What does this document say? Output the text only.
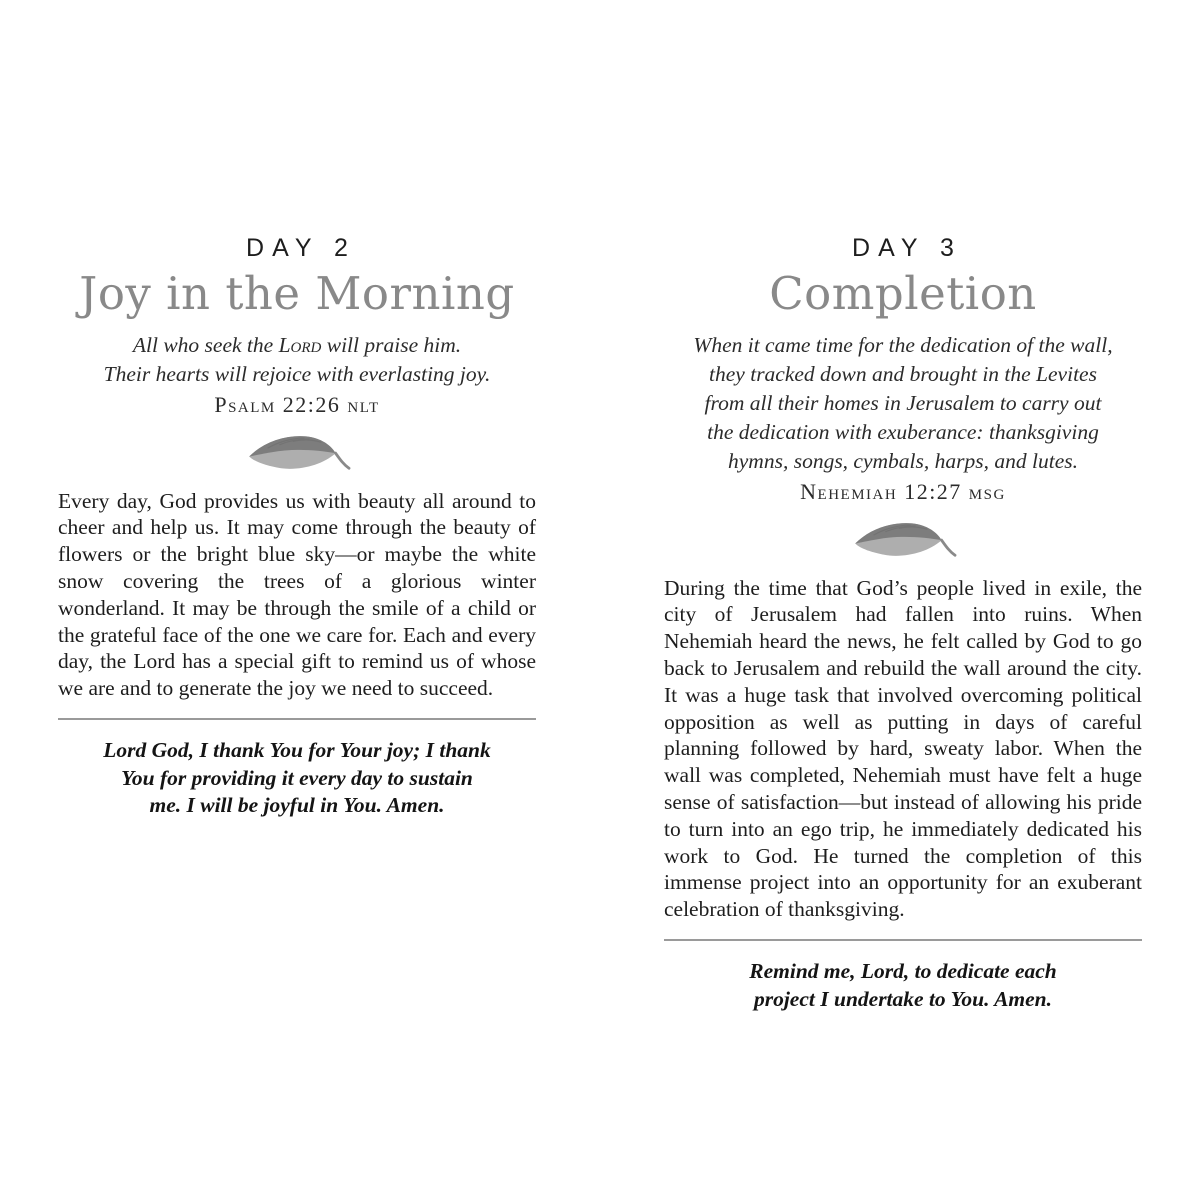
DAY 2
Joy in the Morning
All who seek the Lord will praise him.
Their hearts will rejoice with everlasting joy.
Psalm 22:26 nlt
Every day, God provides us with beauty all around to cheer and help us. It may come through the beauty of flowers or the bright blue sky—or maybe the white snow covering the trees of a glorious winter wonderland. It may be through the smile of a child or the grateful face of the one we care for. Each and every day, the Lord has a special gift to remind us of whose we are and to generate the joy we need to succeed.
Lord God, I thank You for Your joy; I thank
You for providing it every day to sustain
me. I will be joyful in You. Amen.
DAY 3
Completion
When it came time for the dedication of the wall,
they tracked down and brought in the Levites
from all their homes in Jerusalem to carry out
the dedication with exuberance: thanksgiving
hymns, songs, cymbals, harps, and lutes.
Nehemiah 12:27 msg
During the time that God’s people lived in exile, the city of Jerusalem had fallen into ruins. When Nehemiah heard the news, he felt called by God to go back to Jerusalem and rebuild the wall around the city. It was a huge task that involved overcoming political opposition as well as putting in days of careful planning followed by hard, sweaty labor. When the wall was completed, Nehemiah must have felt a huge sense of satisfaction—but instead of allowing his pride to turn into an ego trip, he immediately dedicated his work to God. He turned the completion of this immense project into an opportunity for an exuberant celebration of thanksgiving.
Remind me, Lord, to dedicate each
project I undertake to You. Amen.
